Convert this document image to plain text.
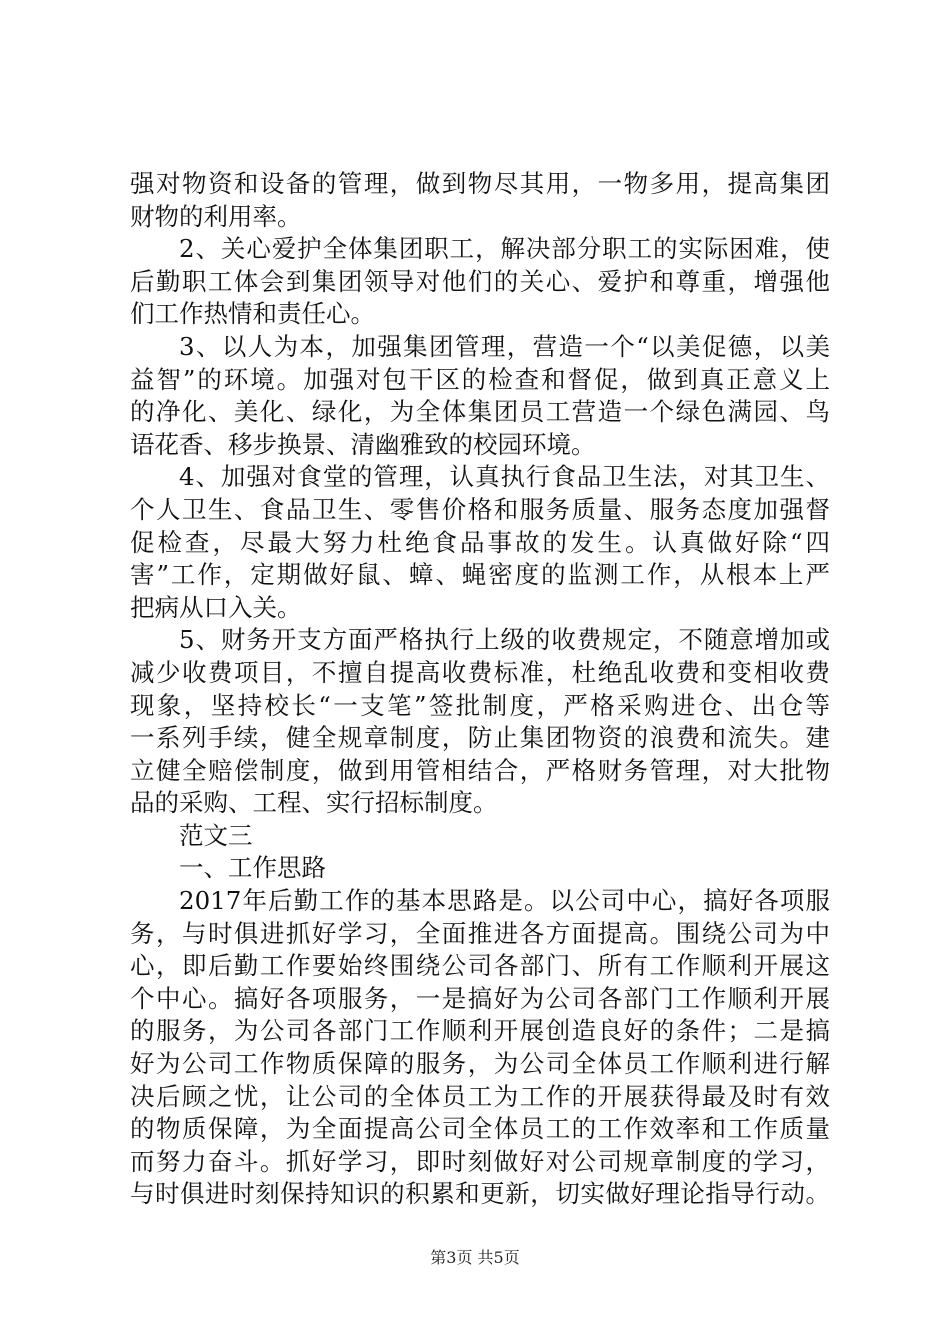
强对物资和设备的管理，做到物尽其用，一物多用，提高集团
财物的利用率。
2、关心爱护全体集团职工，解决部分职工的实际困难，使
后勤职工体会到集团领导对他们的关心、爱护和尊重，增强他
们工作热情和责任心。
3、以人为本，加强集团管理，营造一个“以美促德，以美
益智”的环境。加强对包干区的检查和督促，做到真正意义上
的净化、美化、绿化，为全体集团员工营造一个绿色满园、鸟
语花香、移步换景、清幽雅致的校园环境。
4、加强对食堂的管理，认真执行食品卫生法，对其卫生、
个人卫生、食品卫生、零售价格和服务质量、服务态度加强督
促检查，尽最大努力杜绝食品事故的发生。认真做好除“四
害”工作，定期做好鼠、蟑、蝇密度的监测工作，从根本上严
把病从口入关。
5、财务开支方面严格执行上级的收费规定，不随意增加或
减少收费项目，不擅自提高收费标准，杜绝乱收费和变相收费
现象，坚持校长“一支笔”签批制度，严格采购进仓、出仓等
一系列手续，健全规章制度，防止集团物资的浪费和流失。建
立健全赔偿制度，做到用管相结合，严格财务管理，对大批物
品的采购、工程、实行招标制度。
范文三
一、工作思路
2017年后勤工作的基本思路是。以公司中心，搞好各项服
务，与时俱进抓好学习，全面推进各方面提高。围绕公司为中
心，即后勤工作要始终围绕公司各部门、所有工作顺利开展这
个中心。搞好各项服务，一是搞好为公司各部门工作顺利开展
的服务，为公司各部门工作顺利开展创造良好的条件；二是搞
好为公司工作物质保障的服务，为公司全体员工作顺利进行解
决后顾之忧，让公司的全体员工为工作的开展获得最及时有效
的物质保障，为全面提高公司全体员工的工作效率和工作质量
而努力奋斗。抓好学习，即时刻做好对公司规章制度的学习，
与时俱进时刻保持知识的积累和更新，切实做好理论指导行动。
第3页 共5页
